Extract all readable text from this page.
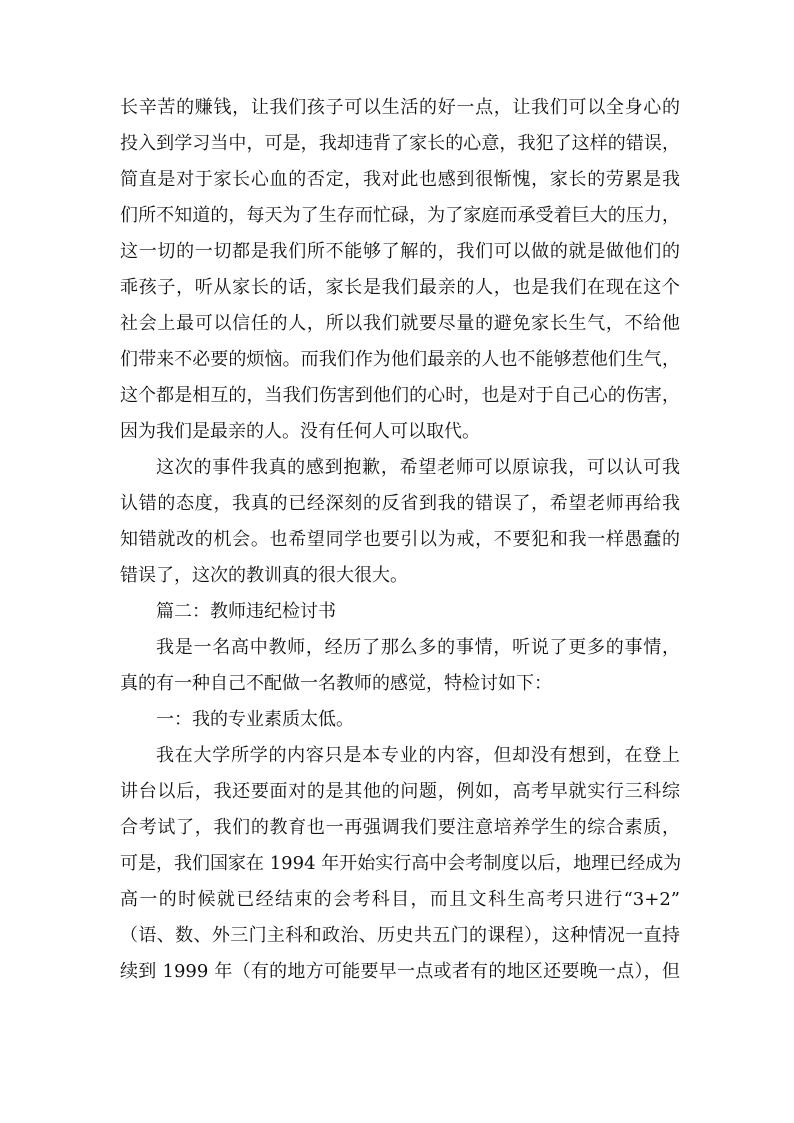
长辛苦的赚钱，让我们孩子可以生活的好一点，让我们可以全身心的

投入到学习当中，可是，我却违背了家长的心意，我犯了这样的错误，

简直是对于家长心血的否定，我对此也感到很惭愧，家长的劳累是我

们所不知道的，每天为了生存而忙碌，为了家庭而承受着巨大的压力，

这一切的一切都是我们所不能够了解的，我们可以做的就是做他们的

乖孩子，听从家长的话，家长是我们最亲的人，也是我们在现在这个

社会上最可以信任的人，所以我们就要尽量的避免家长生气，不给他

们带来不必要的烦恼。而我们作为他们最亲的人也不能够惹他们生气，

这个都是相互的，当我们伤害到他们的心时，也是对于自己心的伤害，

因为我们是最亲的人。没有任何人可以取代。

这次的事件我真的感到抱歉，希望老师可以原谅我，可以认可我

认错的态度，我真的已经深刻的反省到我的错误了，希望老师再给我

知错就改的机会。也希望同学也要引以为戒，不要犯和我一样愚蠢的

错误了，这次的教训真的很大很大。

篇二：教师违纪检讨书

我是一名高中教师，经历了那么多的事情，听说了更多的事情，

真的有一种自己不配做一名教师的感觉，特检讨如下：

一：我的专业素质太低。

我在大学所学的内容只是本专业的内容，但却没有想到，在登上

讲台以后，我还要面对的是其他的问题，例如，高考早就实行三科综

合考试了，我们的教育也一再强调我们要注意培养学生的综合素质，

可是，我们国家在 1994 年开始实行高中会考制度以后，地理已经成为

高一的时候就已经结束的会考科目，而且文科生高考只进行“3+2”

（语、数、外三门主科和政治、历史共五门的课程），这种情况一直持

续到 1999 年（有的地方可能要早一点或者有的地区还要晚一点），但
